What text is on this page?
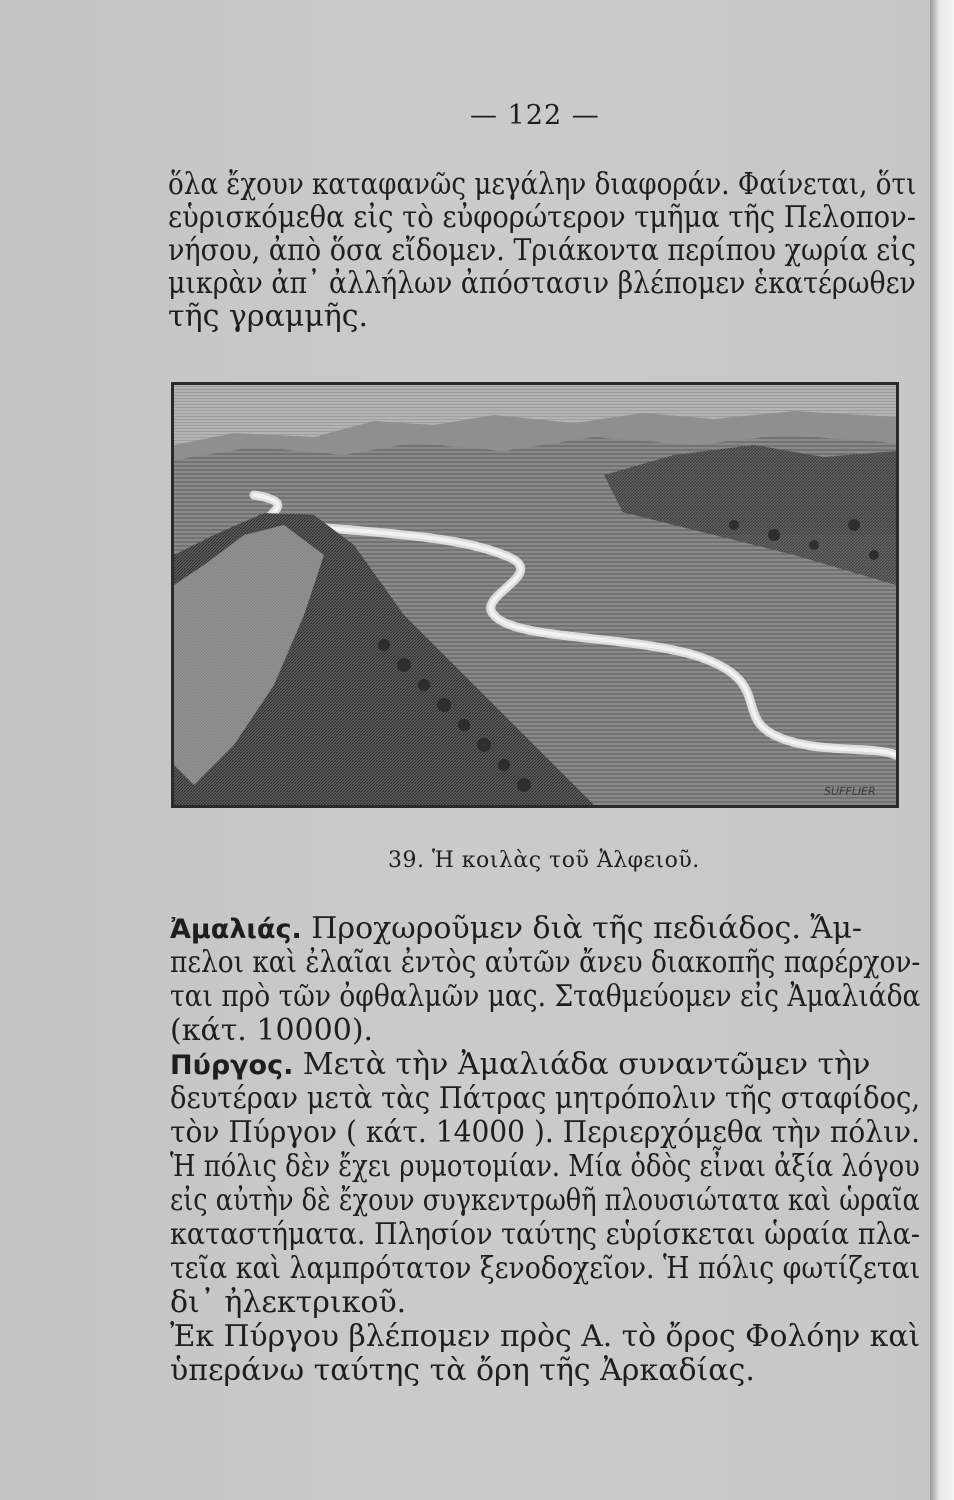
— 122 —
ὅλα ἔχουν καταφανῶς μεγάλην διαφοράν. Φαίνεται, ὅτι
εὑρισκόμεθα εἰς τὸ εὐφορώτερον τμῆμα τῆς Πελοπον-
νήσου, ἀπὸ ὅσα εἴδομεν. Τριάκοντα περίπου χωρία εἰς
μικρὰν ἀπ᾽ ἀλλήλων ἀπόστασιν βλέπομεν ἑκατέρωθεν
τῆς γραμμῆς.
SUFFLIER
39. Ἡ κοιλὰς τοῦ Ἀλφειοῦ.
Ἀμαλιάς. Προχωροῦμεν διὰ τῆς πεδιάδος. Ἄμ-
πελοι καὶ ἐλαῖαι ἐντὸς αὐτῶν ἄνευ διακοπῆς παρέρχον-
ται πρὸ τῶν ὀφθαλμῶν μας. Σταθμεύομεν εἰς Ἀμαλιάδα
(κάτ. 10000).
Πύργος. Μετὰ τὴν Ἀμαλιάδα συναντῶμεν τὴν
δευτέραν μετὰ τὰς Πάτρας μητρόπολιν τῆς σταφίδος,
τὸν Πύργον ( κάτ. 14000 ). Περιερχόμεθα τὴν πόλιν.
Ἡ πόλις δὲν ἔχει ρυμοτομίαν. Μία ὁδὸς εἶναι ἀξία λόγου
εἰς αὐτὴν δὲ ἔχουν συγκεντρωθῆ πλουσιώτατα καὶ ὡραῖα
καταστήματα. Πλησίον ταύτης εὑρίσκεται ὡραία πλα-
τεῖα καὶ λαμπρότατον ξενοδοχεῖον. Ἡ πόλις φωτίζεται
δι᾽ ἠλεκτρικοῦ.
Ἐκ Πύργου βλέπομεν πρὸς Α. τὸ ὄρος Φολόην καὶ
ὑπεράνω ταύτης τὰ ὄρη τῆς Ἀρκαδίας.
